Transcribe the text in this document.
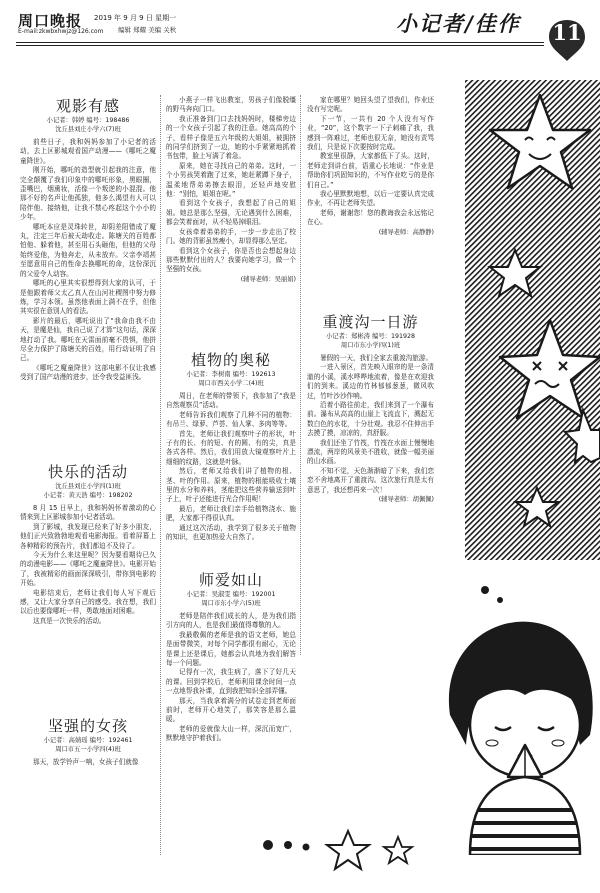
周口晚报	2019 年 9 月 9 日 星期一
E-mail:zkwbxhwjz@126.com 编辑 郑耀 美编 关秋	小记者/佳作	11
观影有感
小记者：韩婷 编号：198486
沈丘县刘庄小学六(7)班

前些日子，我和妈妈参加了小记者的活动，去上区影城观看国产动漫——《哪吒之魔童降世》。

刚开始，哪吒的造型就引起我的注意，他完全颠覆了我们印象中的哪吒形象，黑眼圈，歪嘴巴，烟熏妆，活像一个叛逆的小混混。他那不好的名声让他孤独，他多么渴望有人可以陪伴他、接纳他，让我不禁心疼起这个小小的少年。

哪吒本应是灵珠转世，却阴差阳错成了魔丸，注定三年后被天劫收走。陈塘关的百姓都怕他、躲着他，甚至用石头砸他，但他的父母始终爱他，为他奔走，从未放弃。父亲李靖甚至愿意用自己的性命去换哪吒的命，这份深沉的父爱令人动容。

哪吒的心里其实很想得到大家的认可，于是他跟着师父太乙真人在山河社稷图中努力修炼，学习本领。虽然他表面上满不在乎，但他其实很在意别人的看法。

影片的最后，哪吒说出了“我命由我不由天，是魔是仙，我自己说了才算”这句话，深深地打动了我。哪吒在天雷面前毫不畏惧，他拼尽全力保护了陈塘关的百姓，用行动证明了自己。

《哪吒之魔童降世》这部电影不仅让我感受到了国产动漫的进步，还令我受益匪浅。

快乐的活动
沈丘县刘庄小学四(1)班
小记者：黄天浩 编号：198202

8 月 15 日早上，我和妈妈怀着激动的心情来到上区影城参加小记者活动。

到了影城，我发现已经来了好多小朋友，他们正兴致勃勃地观看电影海报。看着屏幕上各种精彩的预告片，我们都迫不及待了。

今天为什么来这里呢？因为要看期待已久的动漫电影——《哪吒之魔童降世》。电影开始了，我被精彩的画面深深吸引，带你到电影的开始。

电影结束后，老师让我们每人写下观后感，又让大家分享自己的感受。我在想，我们以后也要像哪吒一样，勇敢地面对困难。

这真是一次快乐的活动。

坚强的女孩
小记者：高婧瑶 编号：192461
周口市五一小学四(4)班

那天，放学铃声一响，女孩子们就像

小燕子一样飞出教室，男孩子们像脱缰的野马奔向门口。

我正准备到门口去找妈妈时，楼梯旁边的一个女孩子引起了我的注意。她高高的个子，看样子像是五六年级的大姐姐，被拥挤的同学们挤到了一边，她的小手紧紧地抓着书包带，脸上写满了着急。

原来，她在寻找自己的弟弟。这时，一个小男孩哭着跑了过来，她赶紧蹲下身子，温柔地帮弟弟擦去眼泪，还轻声地安慰他：“别怕，姐姐在呢。”

看到这个女孩子，我想起了自己的姐姐。她总是那么坚强，无论遇到什么困难，都会笑着面对，从不轻易掉眼泪。

女孩牵着弟弟的手，一步一步走出了校门。她的背影虽然瘦小，却显得那么坚定。

看到这个女孩子，你是否也会想起身边那些默默付出的人？我要向她学习，做一个坚强的女孩。

(辅导老师：吴丽娟)
植物的奥秘
小记者：李树南 编号：192613
周口市西关小学二(4)班

周日，在老师的带领下，我参加了“我是自然观察员”活动。

老师告诉我们观察了几种不同的植物：有吊兰、绿萝、芦荟、仙人掌、多肉等等。

首先，老师让我们观察叶子的形状，叶子有的长、有的短、有的圆、有的尖，真是各式各样。然后，我们用放大镜观察叶片上细细的纹路，这就是叶脉。

然后，老师又给我们讲了植物的根、茎、叶的作用。原来，植物的根能吸收土壤里的水分和养料，茎能把这些营养输送到叶子上，叶子还能进行光合作用呢！

最后，老师让我们亲手给植物浇水、施肥，大家都干得很认真。

通过这次活动，我学到了很多关于植物的知识，也更加热爱大自然了。

师爱如山
小记者：吴淑雯 编号：192001
周口市东小学六(5)班

老师是陪伴我们成长的人，是为我们指引方向的人，也是我们最值得尊敬的人。

我最敬佩的老师是我的语文老师，她总是面带微笑，对每个同学都很有耐心，无论是课上还是课后，她都会认真地为我们解答每一个问题。

记得有一次，我生病了，落下了好几天的课。回到学校后，老师利用课余时间一点一点地帮我补课，直到我把知识全部弄懂。

那天，当我拿着满分的试卷走到老师面前时，老师开心地笑了，那笑容是那么温暖。

老师的爱就像大山一样，深沉而宽广，默默地守护着我们。

家在哪里？她回头望了望我们，作业还没有写完呢。

下一节，一共有 20 个人没有写作业，“20”，这个数字一下子刺痛了我，我感到一阵难过，老师也很无奈，她没有责骂我们，只是说下次要按时完成。

教室里很静，大家都低下了头。这时，老师走到讲台前，语重心长地说：“作业是帮助你们巩固知识的，不写作业吃亏的是你们自己。”

我心里默默地想，以后一定要认真完成作业，不再让老师失望。

老师，谢谢您！您的教诲我会永远铭记在心。

(辅导老师：高静静)
重渡沟一日游
小记者：郑彬涛 编号：191928
周口市东小学四(1)班

暑假的一天，我们全家去重渡沟旅游。

一进入景区，首先映入眼帘的是一条清澈的小溪，溪水哗哗地流着，像是在欢迎我们的到来。溪边的竹林郁郁葱葱，微风吹过，竹叶沙沙作响。

沿着小路往前走，我们来到了一个瀑布前。瀑布从高高的山崖上飞流直下，溅起无数白色的水花，十分壮观。我忍不住伸出手去摸了摸，凉凉的，真舒服。

我们还坐了竹筏，竹筏在水面上慢慢地漂流，两岸的风景美不胜收，就像一幅美丽的山水画。

不知不觉，天色渐渐暗了下来，我们恋恋不舍地离开了重渡沟。这次旅行真是太有意思了，我还想再来一次！

(辅导老师：胡佩佩)
